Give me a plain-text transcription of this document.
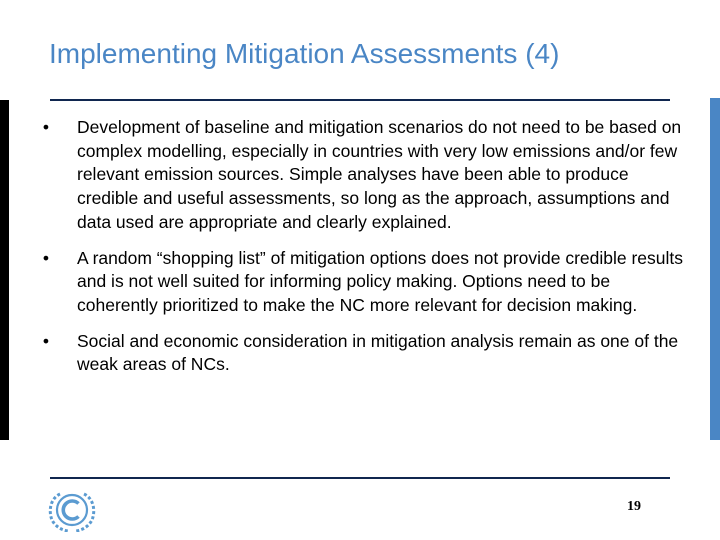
Implementing Mitigation Assessments (4)
•	Development of baseline and mitigation scenarios do not need to be based on complex modelling, especially in countries with very low emissions and/or few relevant emission sources. Simple analyses have been able to produce credible and useful assessments, so long as the approach, assumptions and data used are appropriate and clearly explained.
•	A random “shopping list” of mitigation options does not provide credible results and is not well suited for informing policy making. Options need to be coherently prioritized to make the NC more relevant for decision making.
•	Social and economic consideration in mitigation analysis remain as one of the weak areas of NCs.
19
